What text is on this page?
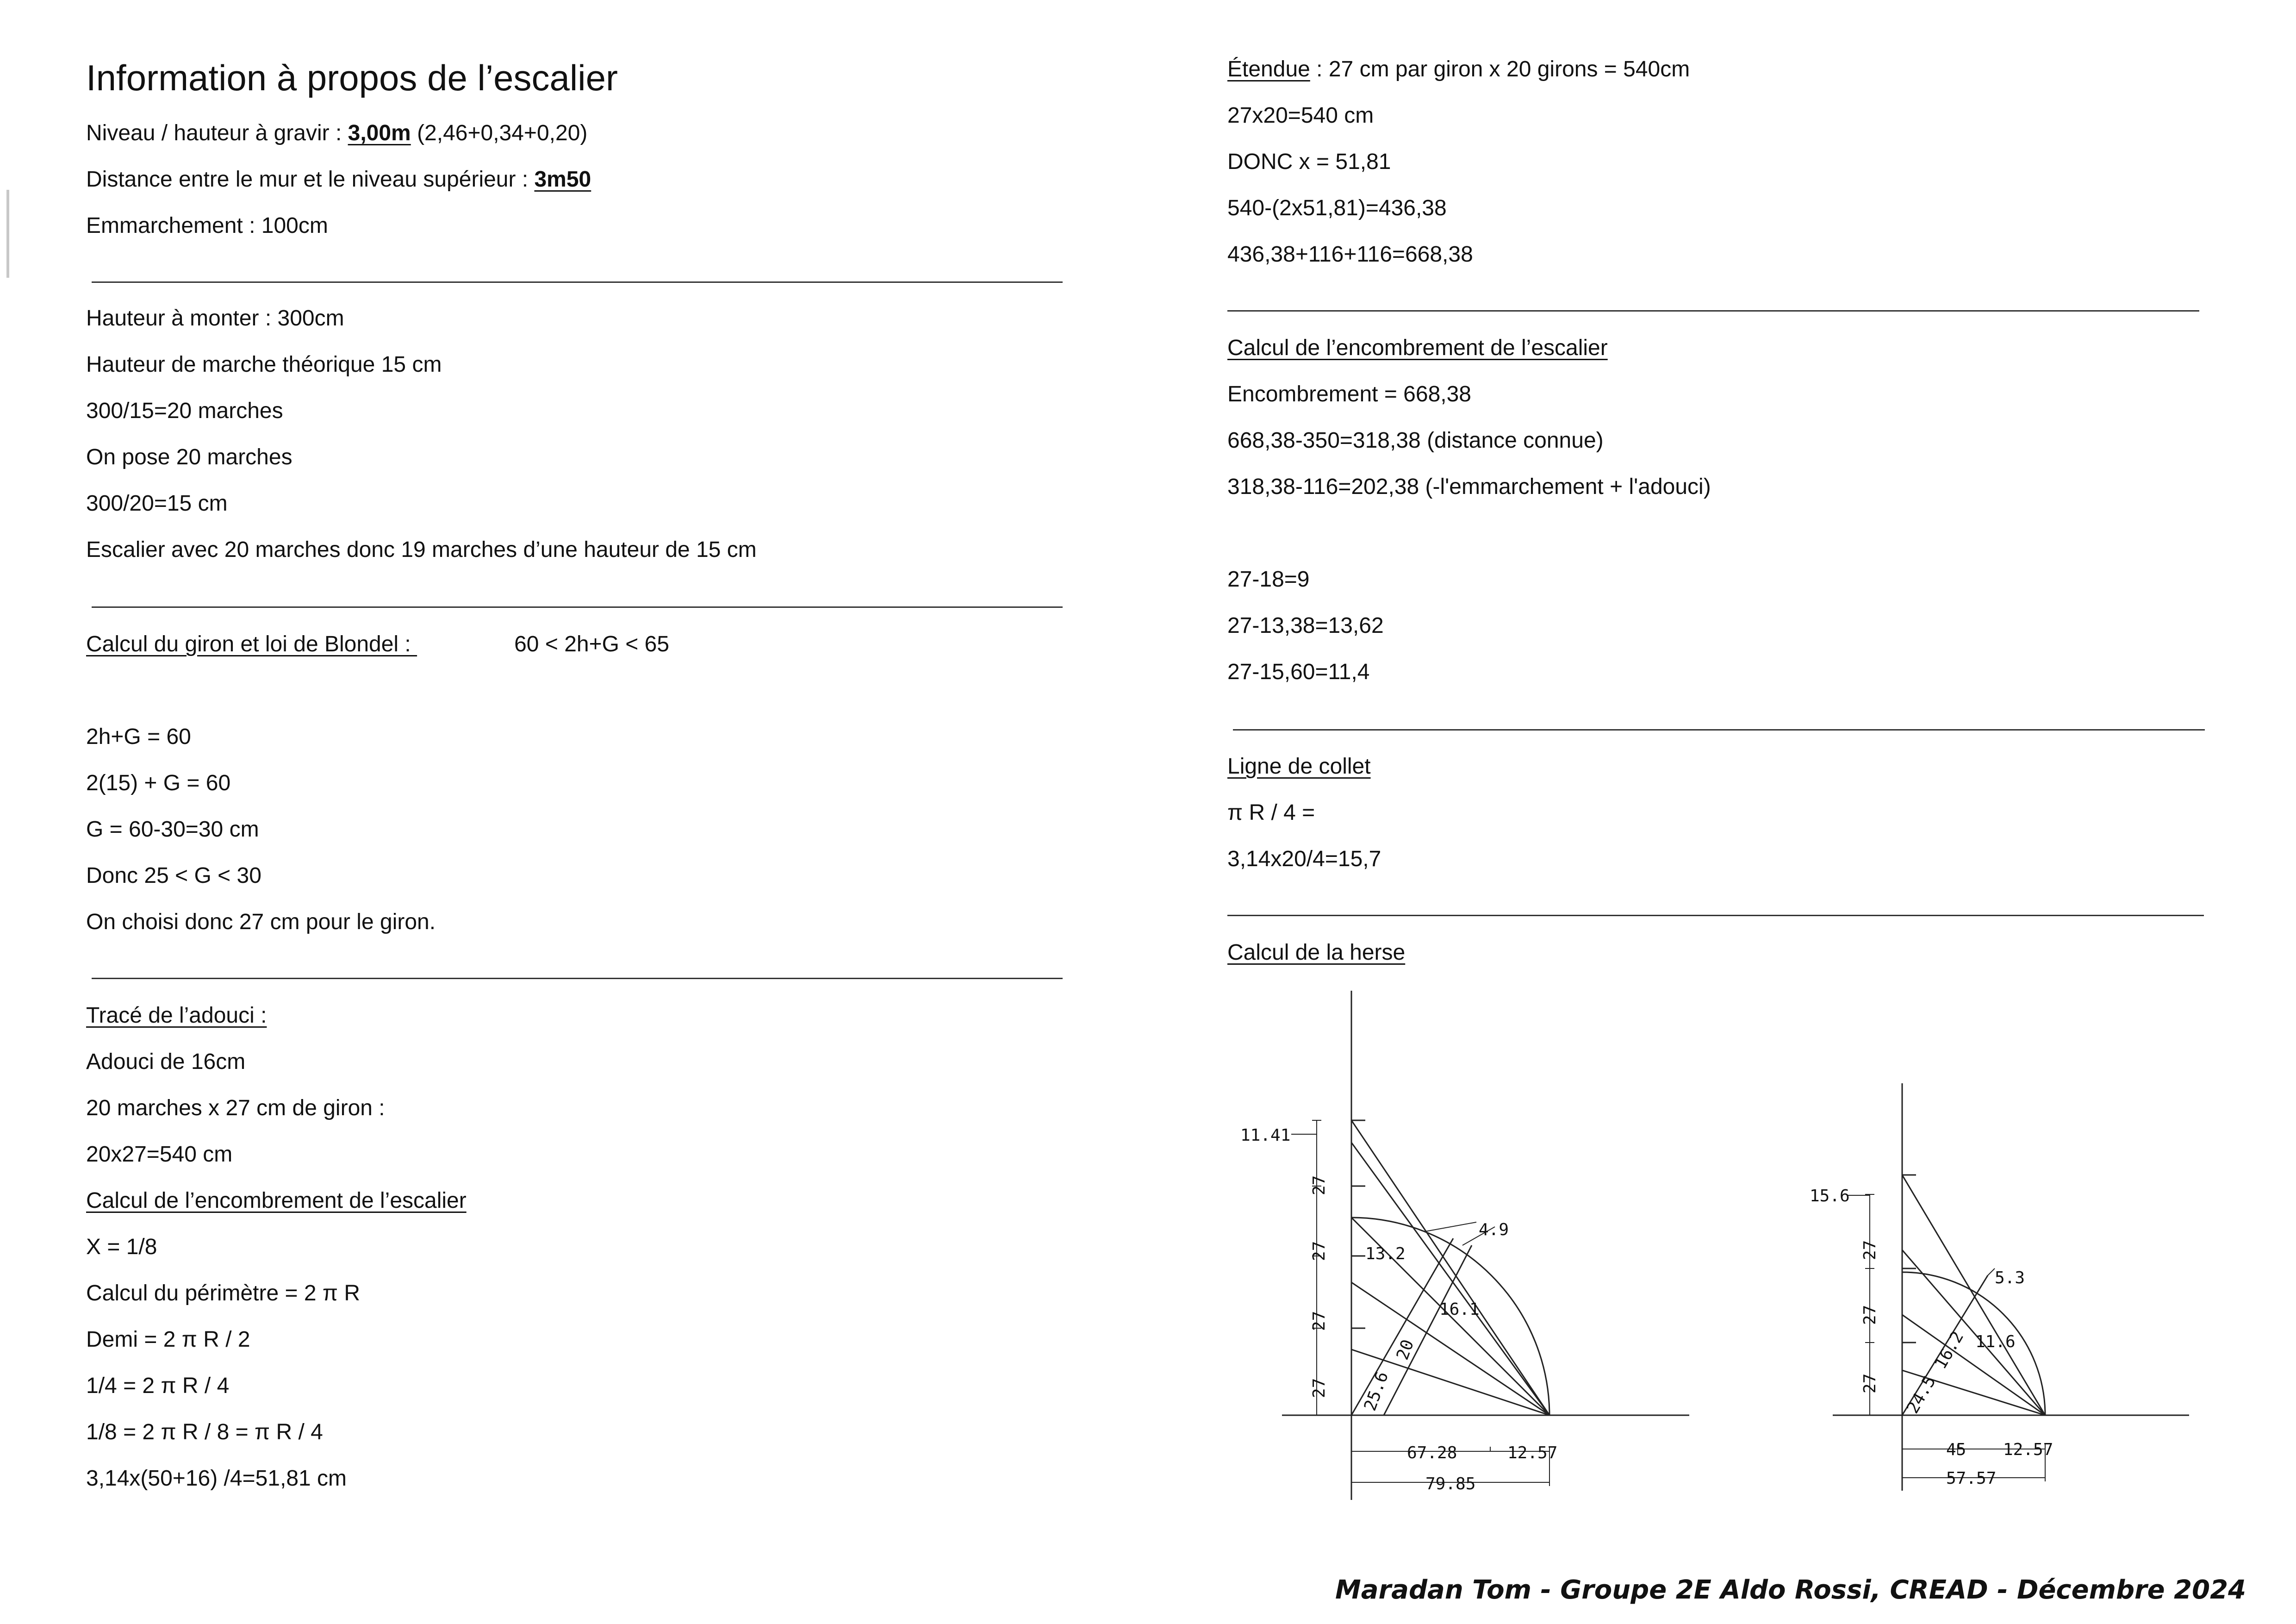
Information à propos de l’escalier
Niveau / hauteur à gravir : 3,00m (2,46+0,34+0,20)
Distance entre le mur et le niveau supérieur : 3m50
Emmarchement : 100cm
Hauteur à monter : 300cm
Hauteur de marche théorique 15 cm
300/15=20 marches
On pose 20 marches
300/20=15 cm
Escalier avec 20 marches donc 19 marches d’une hauteur de 15 cm
Calcul du giron et loi de Blondel :	60 < 2h+G < 65
2h+G = 60
2(15) + G = 60
G = 60-30=30 cm
Donc 25 < G < 30
On choisi donc 27 cm pour le giron.
Tracé de l’adouci :
Adouci de 16cm
20 marches x 27 cm de giron :
20x27=540 cm
Calcul de l’encombrement de l’escalier
X = 1/8
Calcul du périmètre = 2 π R
Demi = 2 π R / 2
1/4 = 2 π R / 4
1/8 = 2 π R / 8 = π R / 4
3,14x(50+16) /4=51,81 cm
Étendue : 27 cm par giron x 20 girons = 540cm
27x20=540 cm
DONC x = 51,81
540-(2x51,81)=436,38
436,38+116+116=668,38
Calcul de l’encombrement de l’escalier
Encombrement = 668,38
668,38-350=318,38 (distance connue)
318,38-116=202,38 (-l'emmarchement + l'adouci)
27-18=9
27-13,38=13,62
27-15,60=11,4
Ligne de collet
π R / 4 =
3,14x20/4=15,7
Calcul de la herse
11.41
27
27
27
27
4.9
13.2
16.1
20
25.6
67.28	12.57
79.85
15.6
27
27
27
5.3
11.6
16.2
24.5
45 12.57
57.57
Maradan Tom - Groupe 2E Aldo Rossi, CREAD - Décembre 2024
